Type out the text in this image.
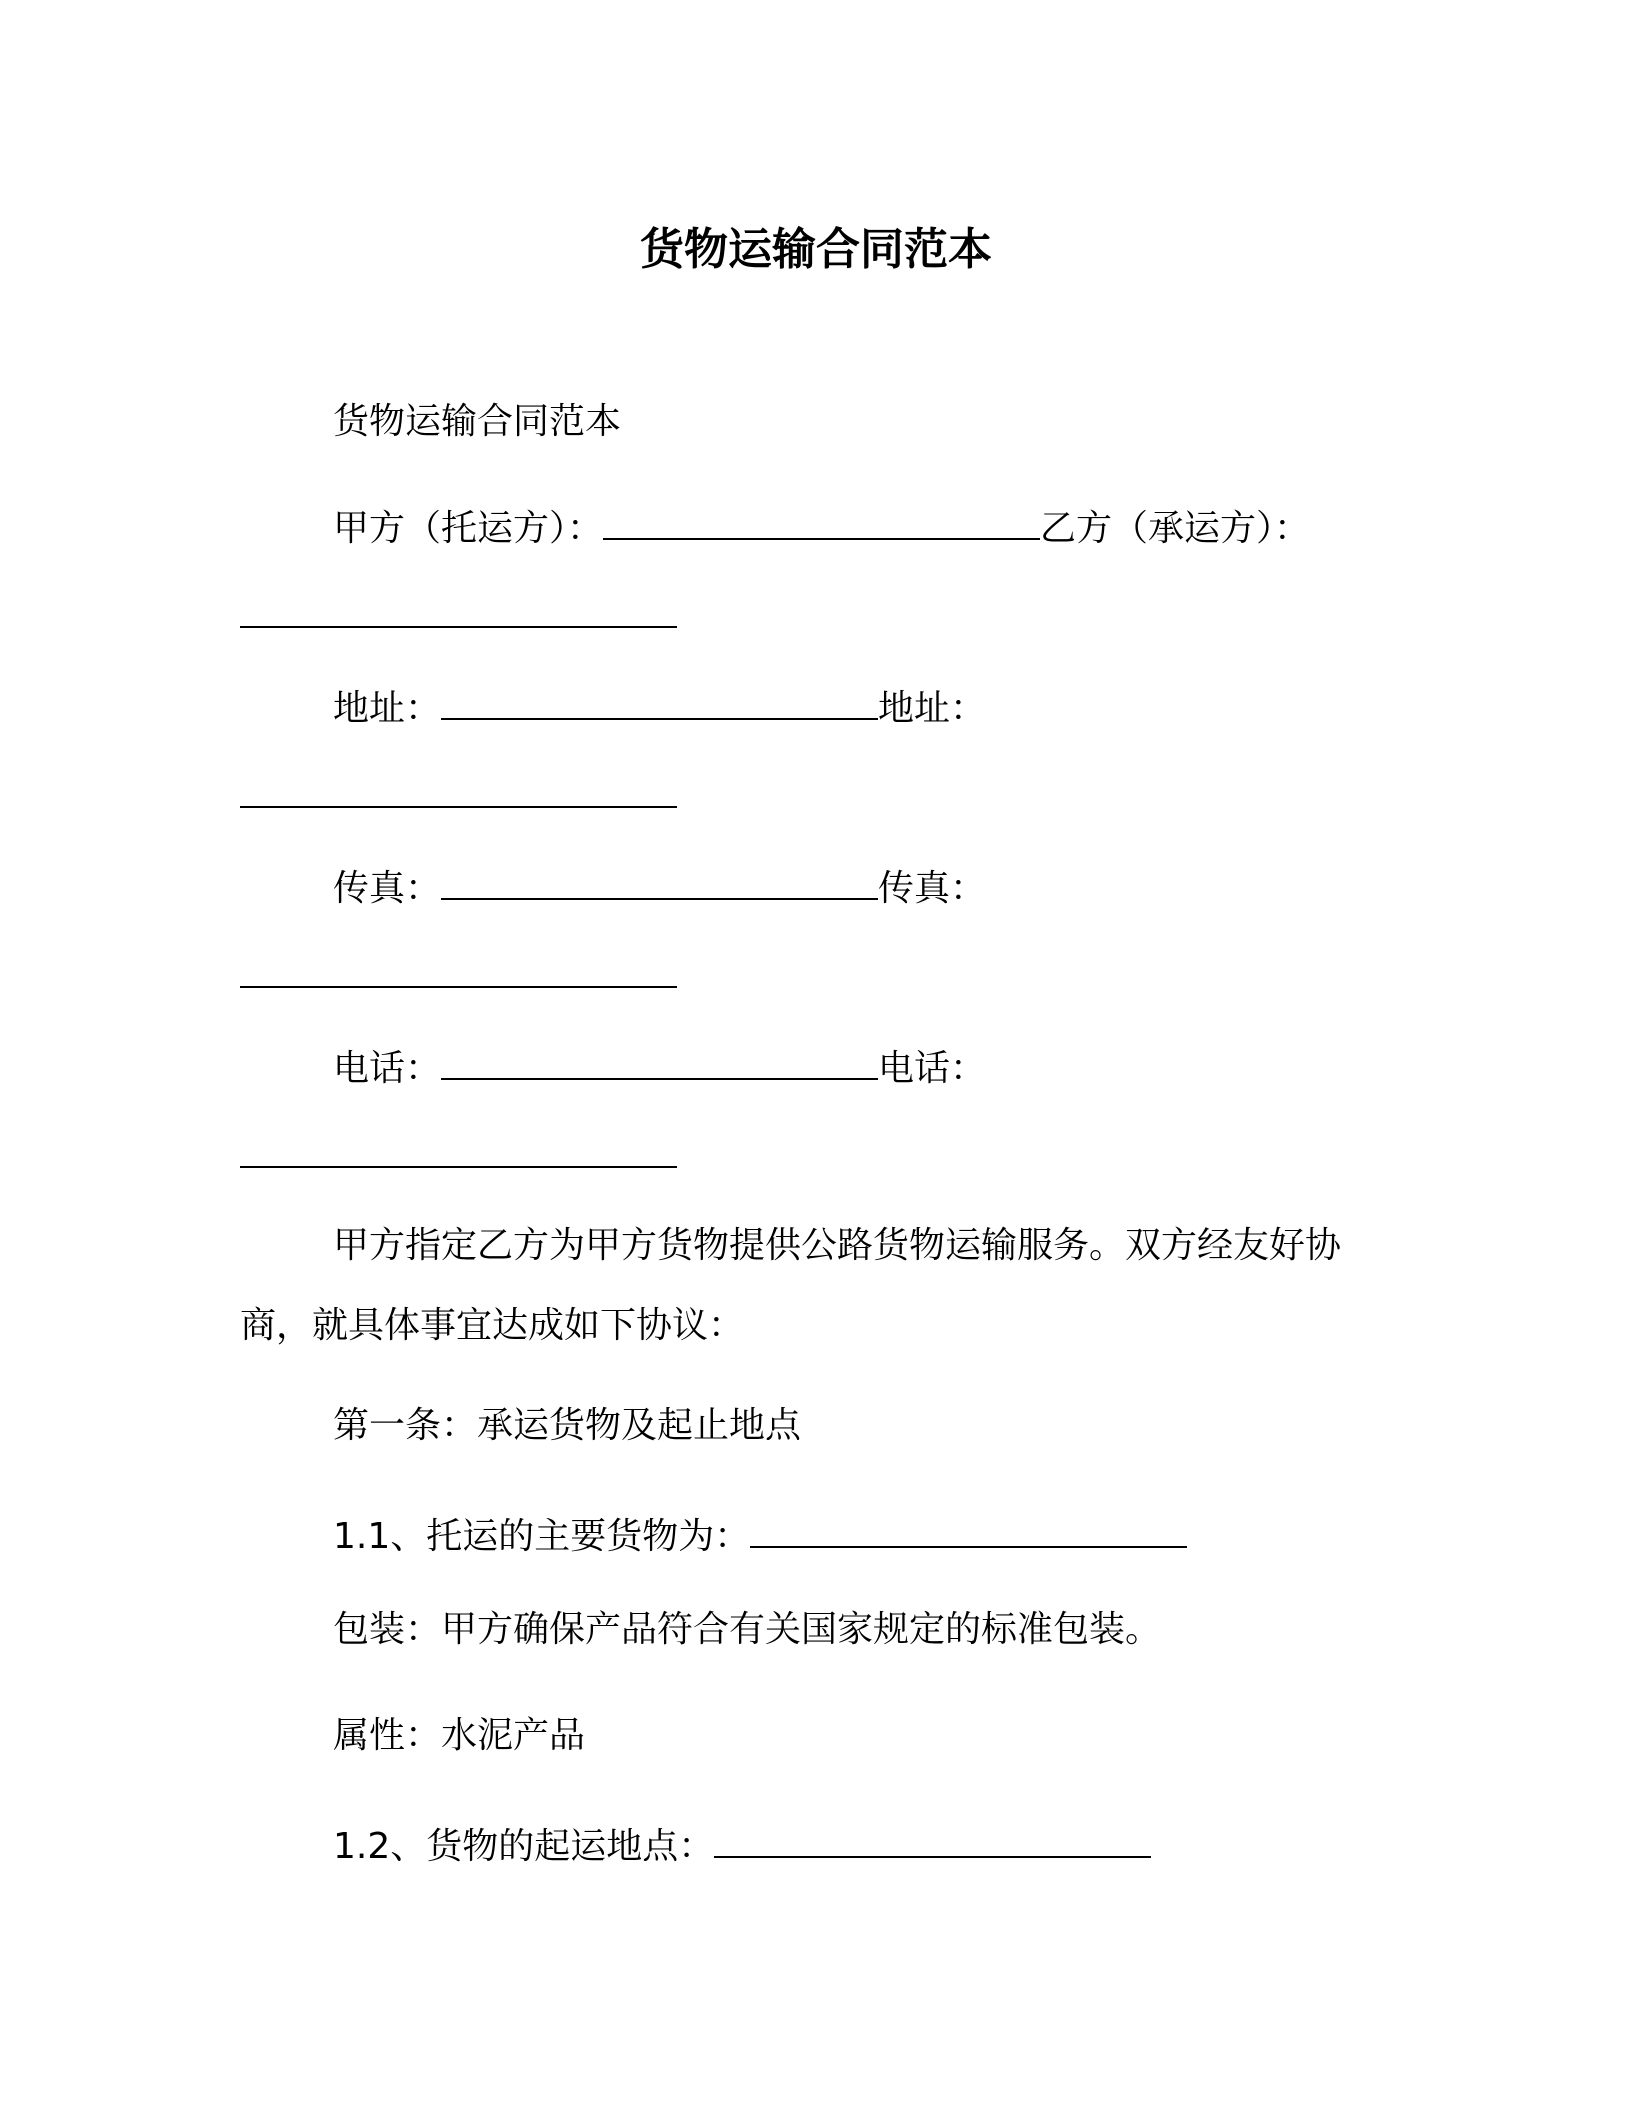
货物运输合同范本
货物运输合同范本
甲方（托运方）：	乙方（承运方）：
地址：	地址：
传真：	传真：
电话：	电话：
甲方指定乙方为甲方货物提供公路货物运输服务。双方经友好协
商，就具体事宜达成如下协议：
第一条：承运货物及起止地点
1.1、托运的主要货物为：
包装：甲方确保产品符合有关国家规定的标准包装。
属性：水泥产品
1.2、货物的起运地点：
